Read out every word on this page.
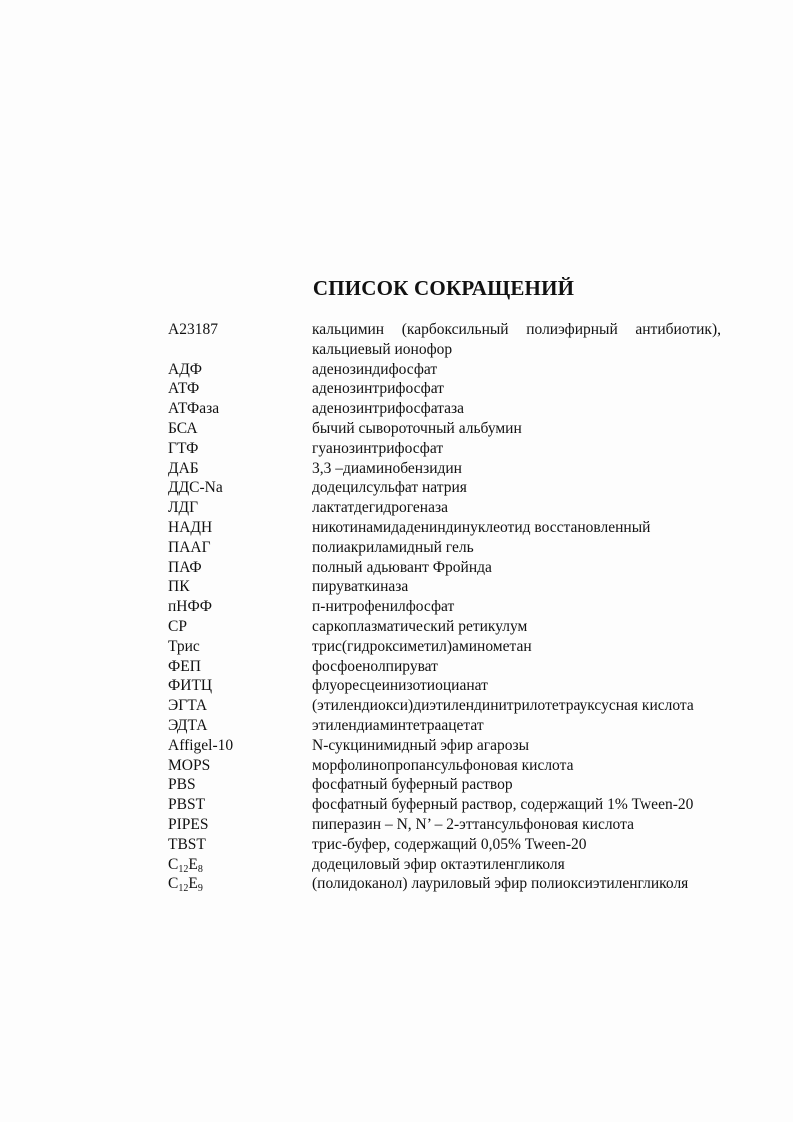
СПИСОК СОКРАЩЕНИЙ
А23187	кальцимин (карбоксильный полиэфирный антибиотик), кальциевый ионофор
АДФ	аденозиндифосфат
АТФ	аденозинтрифосфат
АТФаза	аденозинтрифосфатаза
БСА	бычий сывороточный альбумин
ГТФ	гуанозинтрифосфат
ДАБ	3,3 –диаминобензидин
ДДС-Na	додецилсульфат натрия
ЛДГ	лактатдегидрогеназа
НАДН	никотинамидадениндинуклеотид восстановленный
ПААГ	полиакриламидный гель
ПАФ	полный адьювант Фройнда
ПК	пируваткиназа
пНФФ	п-нитрофенилфосфат
СР	саркоплазматический ретикулум
Трис	трис(гидроксиметил)аминометан
ФЕП	фосфоенолпируват
ФИТЦ	флуоресцеинизотиоцианат
ЭГТА	(этилендиокси)диэтилендинитрилотетрауксусная кислота
ЭДТА	этилендиаминтетраацетат
Affigel-10	N-сукцинимидный эфир агарозы
MOPS	морфолинопропансульфоновая кислота
PBS	фосфатный буферный раствор
PBST	фосфатный буферный раствор, содержащий 1% Tween-20
PIPES	пиперазин – N, N’ – 2-эттансульфоновая кислота
TBST	трис-буфер, содержащий 0,05% Tween-20
$C_{12}E_8$	додециловый эфир октаэтиленгликоля
$C_{12}E_9$	(полидоканол) лауриловый эфир полиоксиэтиленгликоля
